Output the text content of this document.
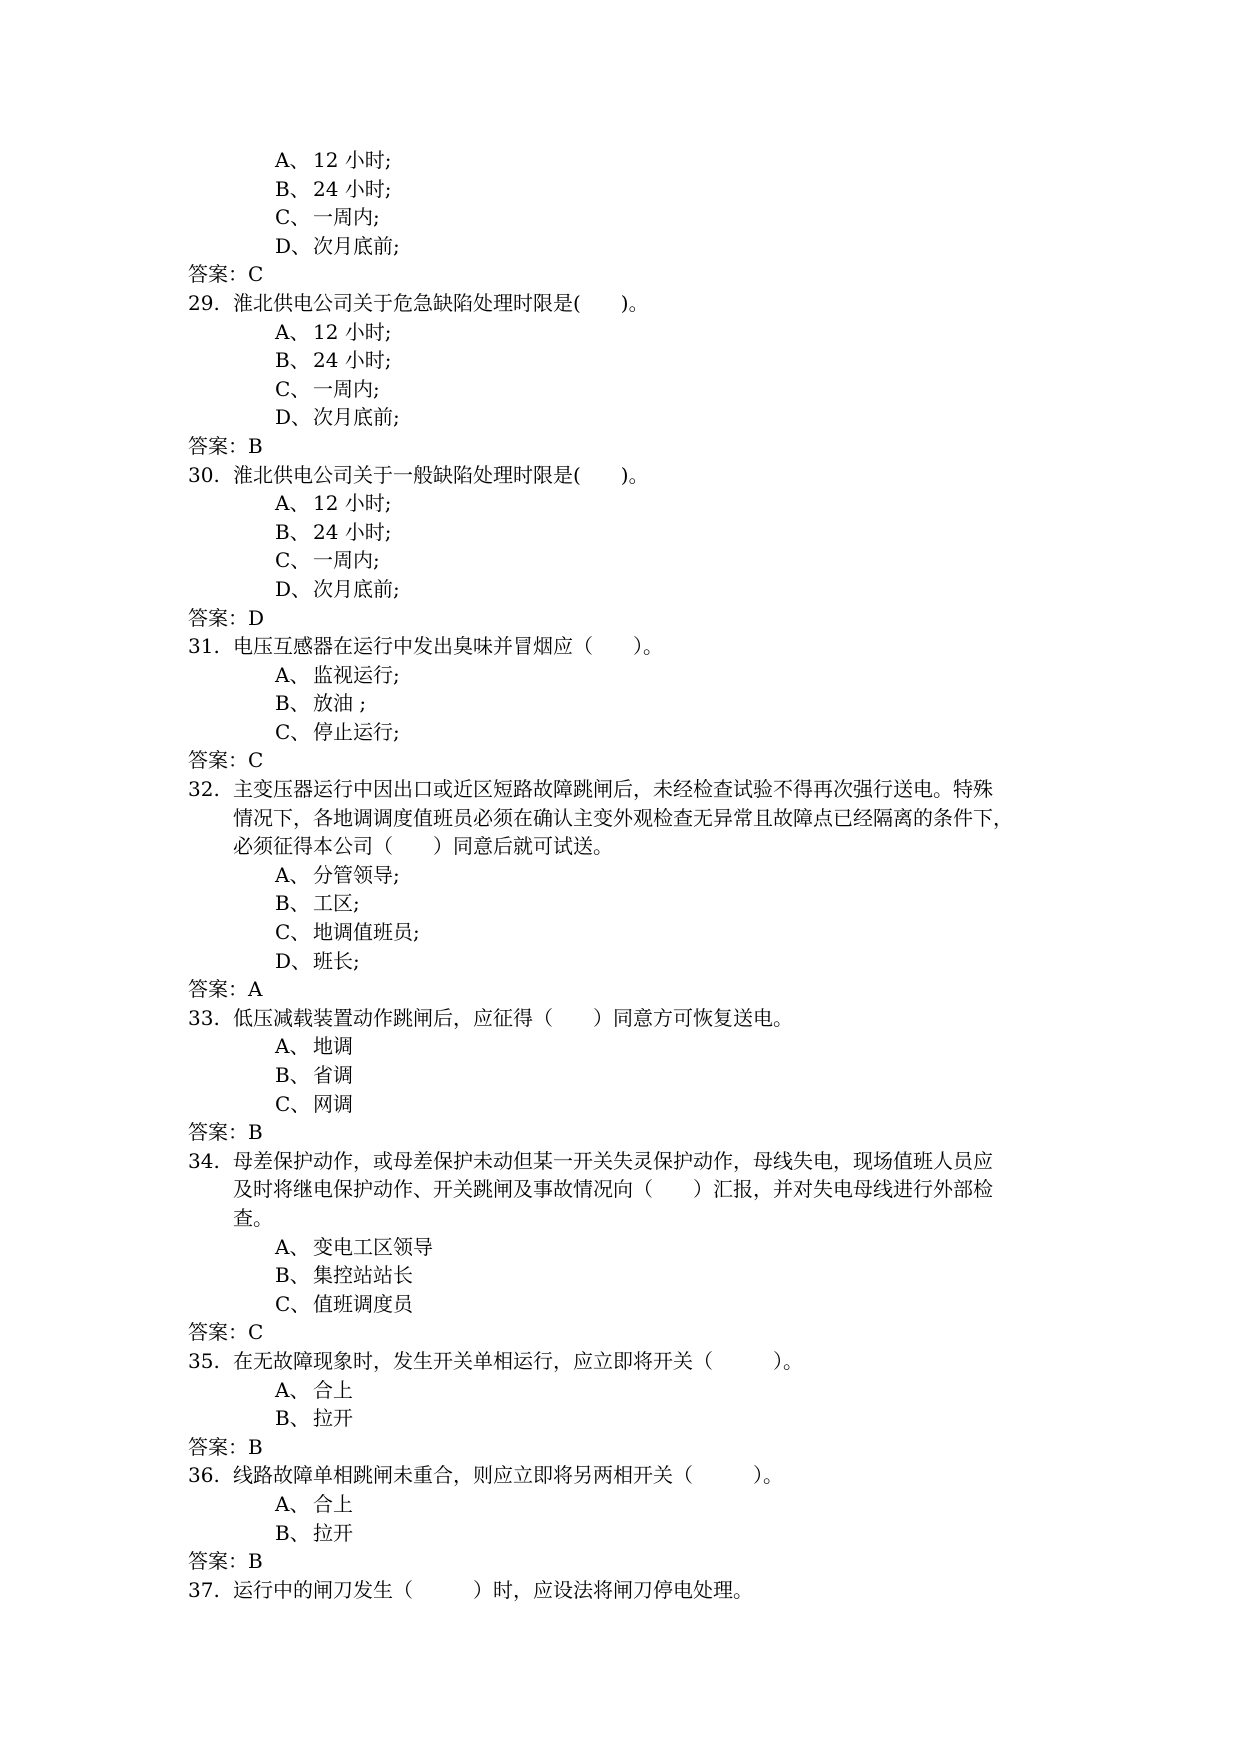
A、 12 小时;
B、 24 小时;
C、 一周内;
D、次月底前;
答案：C
29. 淮北供电公司关于危急缺陷处理时限是(　　)。
A、 12 小时;
B、 24 小时;
C、 一周内;
D、次月底前;
答案：B
30. 淮北供电公司关于一般缺陷处理时限是(　　)。
A、 12 小时;
B、 24 小时;
C、 一周内;
D、次月底前;
答案：D
31. 电压互感器在运行中发出臭味并冒烟应（　　）。
A、 监视运行;
B、 放油 ;
C、 停止运行;
答案：C
32. 主变压器运行中因出口或近区短路故障跳闸后，未经检查试验不得再次强行送电。特殊
情况下，各地调调度值班员必须在确认主变外观检查无异常且故障点已经隔离的条件下，
必须征得本公司（　　）同意后就可试送。
A、 分管领导;
B、 工区;
C、 地调值班员;
D、班长;
答案：A
33. 低压减载装置动作跳闸后，应征得（　　）同意方可恢复送电。
A、 地调
B、 省调
C、 网调
答案：B
34. 母差保护动作，或母差保护未动但某一开关失灵保护动作，母线失电，现场值班人员应
及时将继电保护动作、开关跳闸及事故情况向（　　）汇报，并对失电母线进行外部检
查。
A、 变电工区领导
B、 集控站站长
C、 值班调度员
答案：C
35. 在无故障现象时，发生开关单相运行，应立即将开关（　　　）。
A、 合上
B、 拉开
答案：B
36. 线路故障单相跳闸未重合，则应立即将另两相开关（　　　）。
A、 合上
B、 拉开
答案：B
37. 运行中的闸刀发生（　　　）时，应设法将闸刀停电处理。
